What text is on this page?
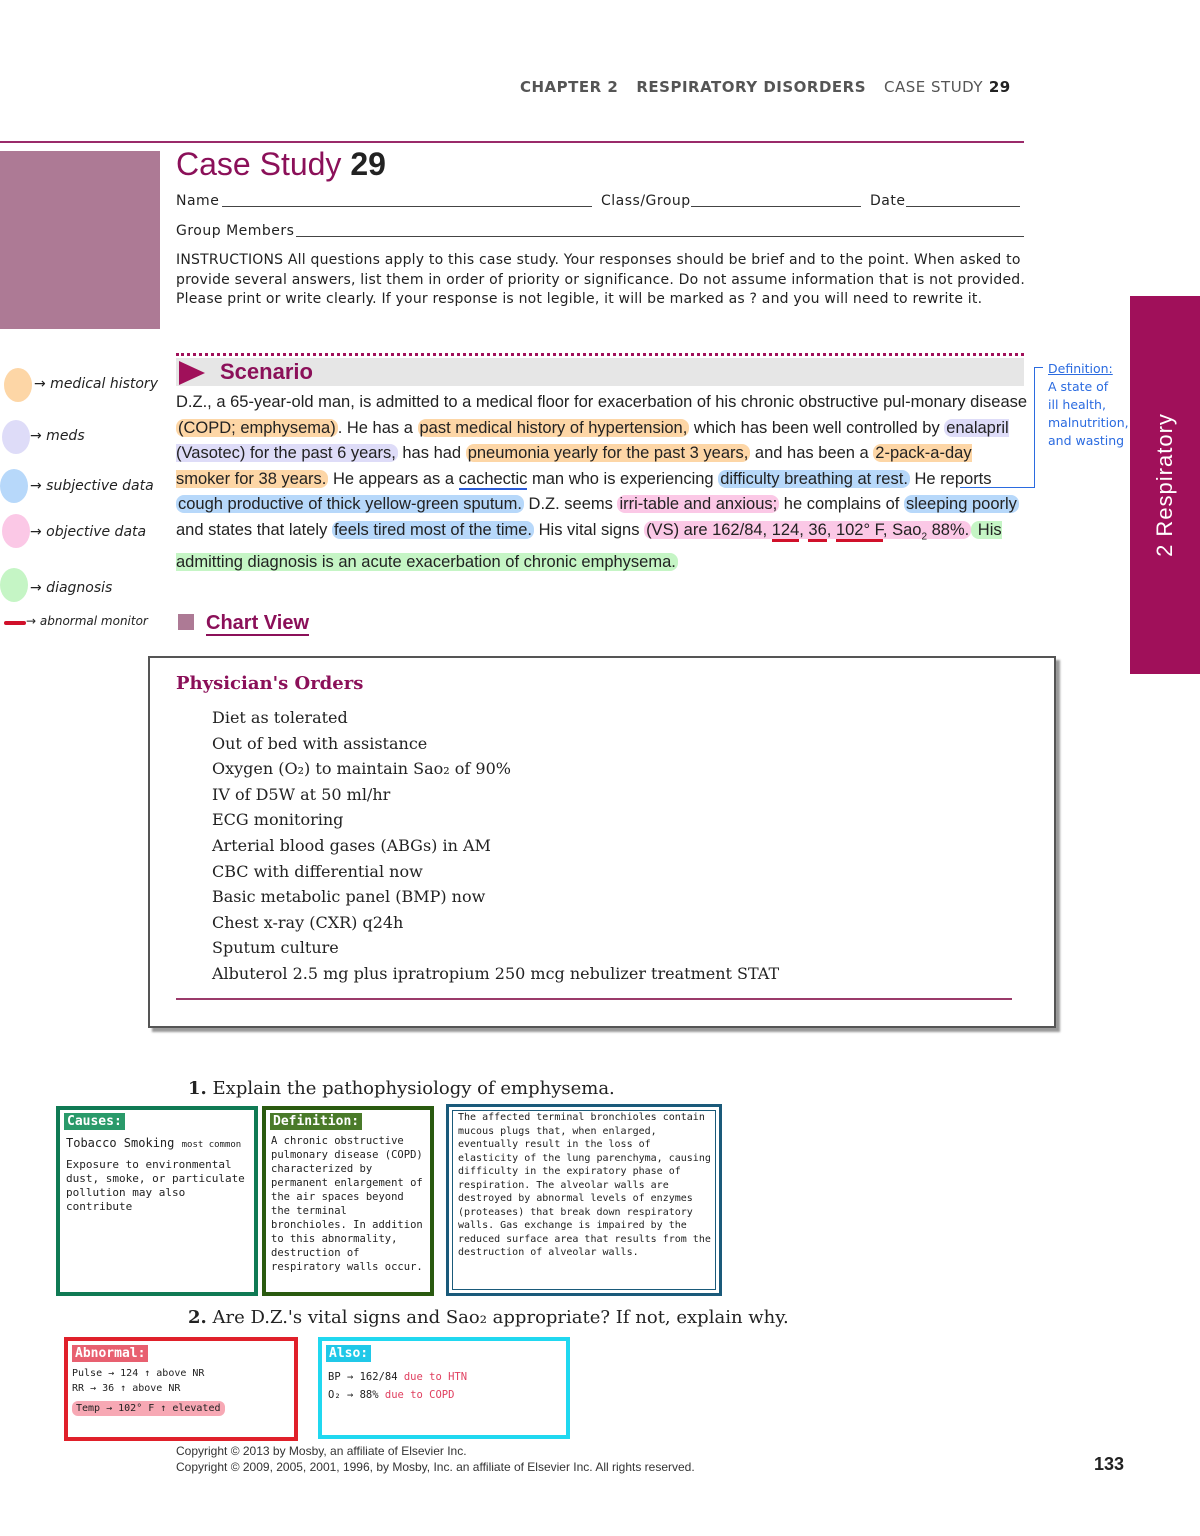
CHAPTER 2 RESPIRATORY DISORDERS CASE STUDY 29
2 Respiratory
Case Study 29
Name	Class/Group	Date
Group Members
INSTRUCTIONS All questions apply to this case study. Your responses should be brief and to the point. When asked to provide several answers, list them in order of priority or significance. Do not assume information that is not provided. Please print or write clearly. If your response is not legible, it will be marked as ? and you will need to rewrite it.
→ medical history
→ meds
→ subjective data
→ objective data
→ diagnosis
→ abnormal monitor
Definition:
A state of
ill health,
malnutrition,
and wasting
Scenario
D.Z., a 65-year-old man, is admitted to a medical floor for exacerbation of his chronic obstructive pul-monary disease (COPD; emphysema) . He has a past medical history of hypertension, which has been well controlled by enalapril (Vasotec) for the past 6 years, has had pneumonia yearly for the past 3 years, and has been a 2-pack-a-day smoker for 38 years. He appears as a cachectic man who is experiencing difficulty breathing at rest. He reports cough productive of thick yellow-green sputum. D.Z. seems irri-table and anxious; he complains of sleeping poorly and states that lately feels tired most of the time. His vital signs (VS) are 162/84, 124, 36, 102° F, Sao$_2$ 88%. His admitting diagnosis is an acute exacerbation of chronic emphysema.
Chart View
Physician's Orders
Diet as tolerated
Out of bed with assistance
Oxygen (O₂) to maintain Sao₂ of 90%
IV of D5W at 50 ml/hr
ECG monitoring
Arterial blood gases (ABGs) in AM
CBC with differential now
Basic metabolic panel (BMP) now
Chest x-ray (CXR) q24h
Sputum culture
Albuterol 2.5 mg plus ipratropium 250 mcg nebulizer treatment STAT
1. Explain the pathophysiology of emphysema.
Causes:
Tobacco Smoking most common
Exposure to environmental dust, smoke, or particulate pollution may also contribute
Definition:
A chronic obstructive pulmonary disease (COPD) characterized by permanent enlargement of the air spaces beyond the terminal bronchioles. In addition to this abnormality, destruction of respiratory walls occur.
The affected terminal bronchioles contain mucous plugs that, when enlarged, eventually result in the loss of elasticity of the lung parenchyma, causing difficulty in the expiratory phase of respiration. The alveolar walls are destroyed by abnormal levels of enzymes (proteases) that break down respiratory walls. Gas exchange is impaired by the reduced surface area that results from the destruction of alveolar walls.
2. Are D.Z.'s vital signs and Sao₂ appropriate? If not, explain why.
Abnormal:
Pulse → 124 ↑ above NR
RR → 36 ↑ above NR
Temp → 102° F ↑ elevated
Also:
BP → 162/84 due to HTN
O₂ → 88% due to COPD
Copyright © 2013 by Mosby, an affiliate of Elsevier Inc.
Copyright © 2009, 2005, 2001, 1996, by Mosby, Inc. an affiliate of Elsevier Inc. All rights reserved.	133
